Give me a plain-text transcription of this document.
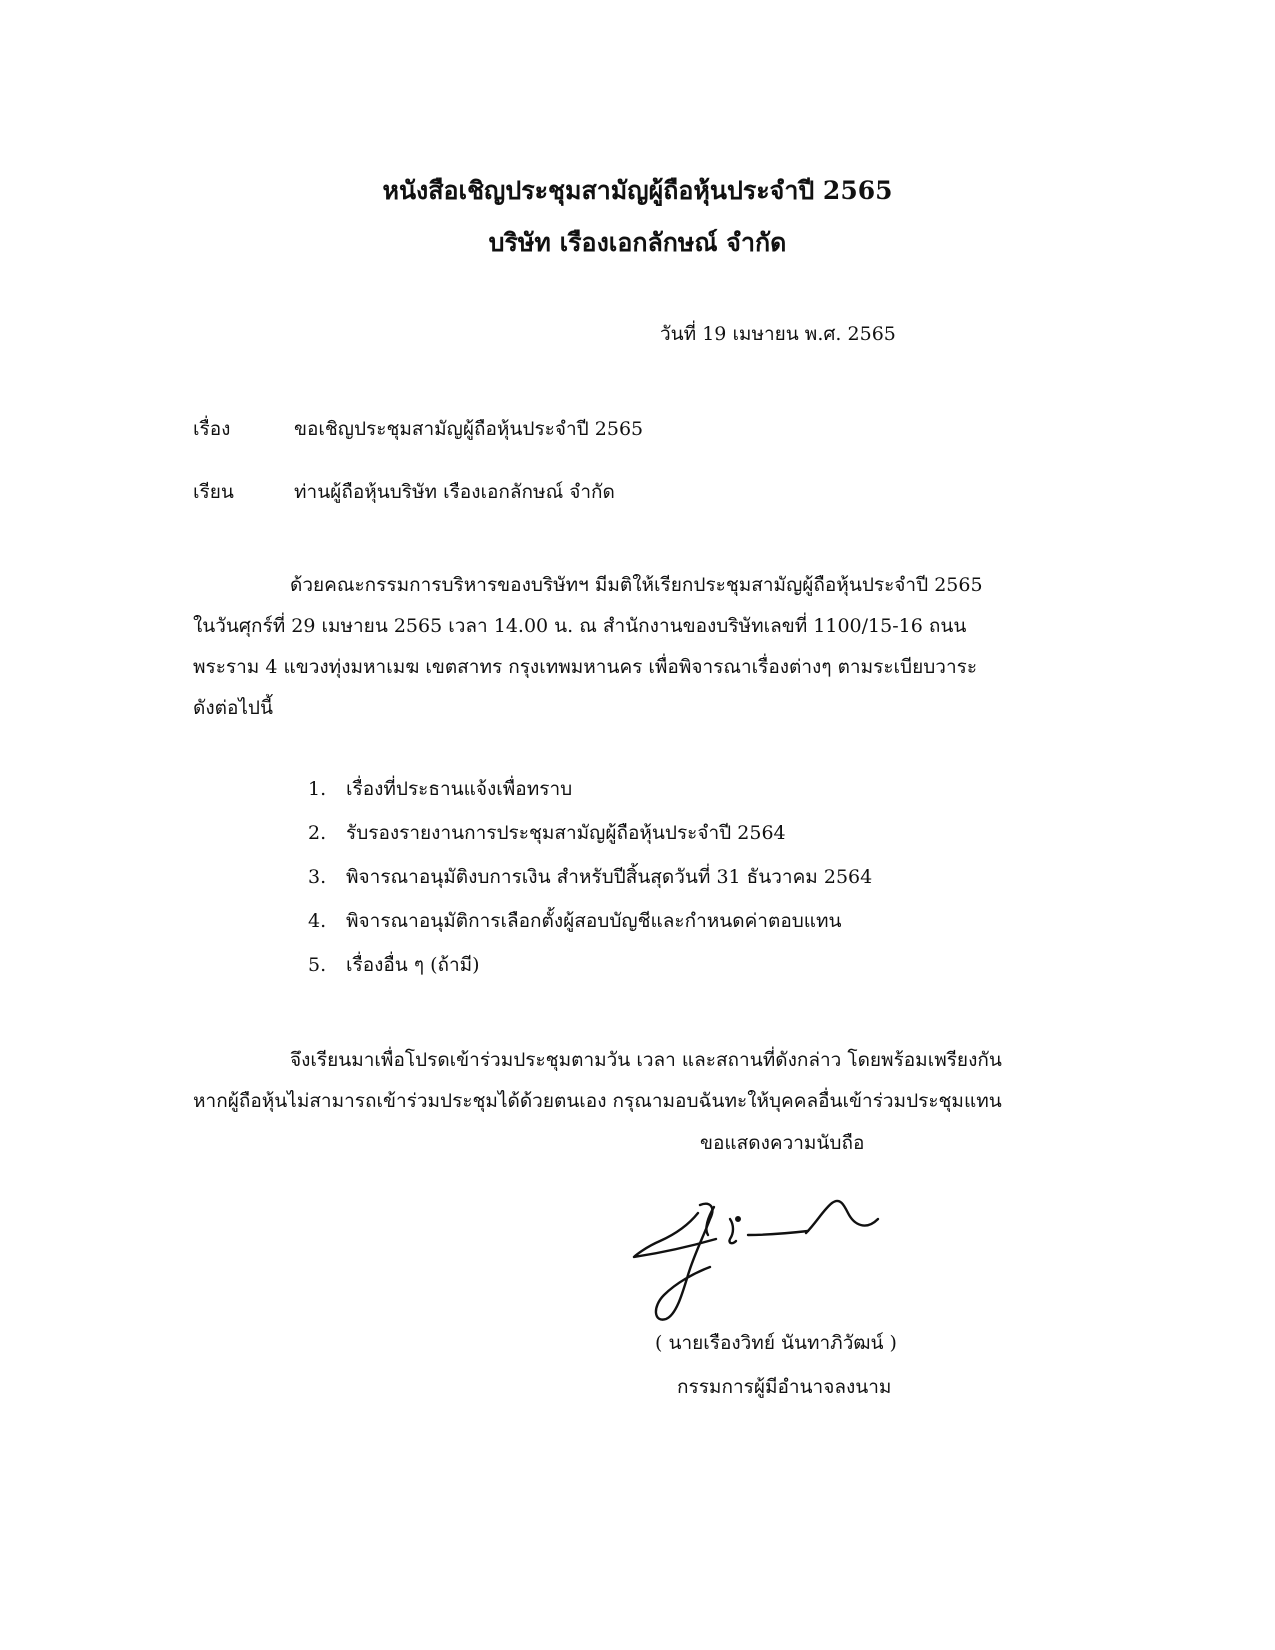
หนังสือเชิญประชุมสามัญผู้ถือหุ้นประจำปี 2565
บริษัท เรืองเอกลักษณ์ จำกัด
วันที่ 19 เมษายน พ.ศ. 2565
เรื่อง	ขอเชิญประชุมสามัญผู้ถือหุ้นประจำปี 2565
เรียน	ท่านผู้ถือหุ้นบริษัท เรืองเอกลักษณ์ จำกัด
ด้วยคณะกรรมการบริหารของบริษัทฯ มีมติให้เรียกประชุมสามัญผู้ถือหุ้นประจำปี 2565
ในวันศุกร์ที่ 29 เมษายน 2565 เวลา 14.00 น. ณ สำนักงานของบริษัทเลขที่ 1100/15-16 ถนน
พระราม 4 แขวงทุ่งมหาเมฆ เขตสาทร กรุงเทพมหานคร เพื่อพิจารณาเรื่องต่างๆ ตามระเบียบวาระ
ดังต่อไปนี้
1. เรื่องที่ประธานแจ้งเพื่อทราบ
2. รับรองรายงานการประชุมสามัญผู้ถือหุ้นประจำปี 2564
3. พิจารณาอนุมัติงบการเงิน สำหรับปีสิ้นสุดวันที่ 31 ธันวาคม 2564
4. พิจารณาอนุมัติการเลือกตั้งผู้สอบบัญชีและกำหนดค่าตอบแทน
5. เรื่องอื่น ๆ (ถ้ามี)
จึงเรียนมาเพื่อโปรดเข้าร่วมประชุมตามวัน เวลา และสถานที่ดังกล่าว โดยพร้อมเพรียงกัน
หากผู้ถือหุ้นไม่สามารถเข้าร่วมประชุมได้ด้วยตนเอง กรุณามอบฉันทะให้บุคคลอื่นเข้าร่วมประชุมแทน
ขอแสดงความนับถือ
( นายเรืองวิทย์ นันทาภิวัฒน์ )
กรรมการผู้มีอำนาจลงนาม
